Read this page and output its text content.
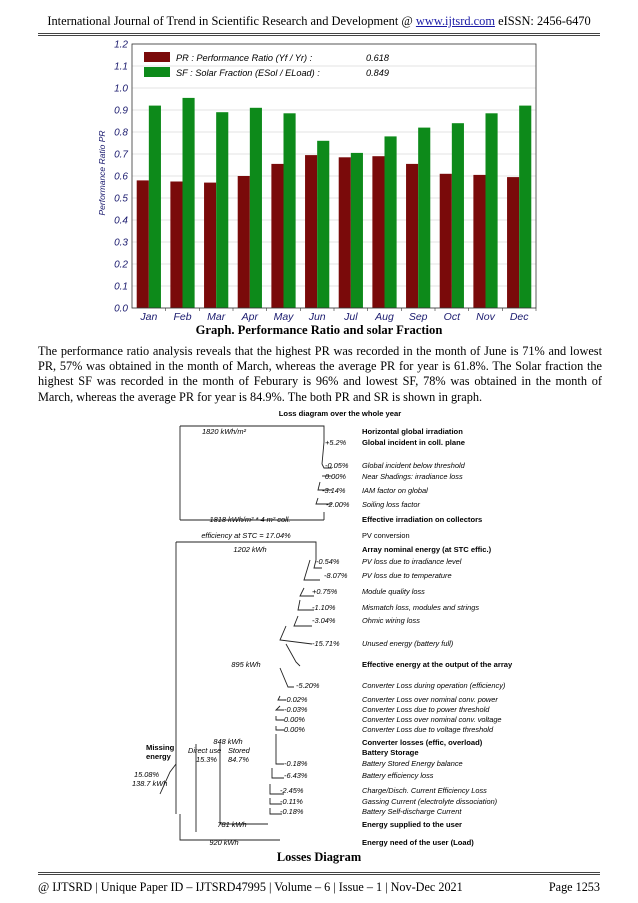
International Journal of Trend in Scientific Research and Development @ www.ijtsrd.com eISSN: 2456-6470
0.0
0.1
0.2
0.3
0.4
0.5
0.6
0.7
0.8
0.9
1.0
1.1
1.2
Jan Feb Mar Apr May Jun Jul Aug Sep Oct Nov Dec
PR : Performance Ratio (Yf / Yr) :	0.618
SF : Solar Fraction (ESol / ELoad) :	0.849
Performance Ratio PR
Graph. Performance Ratio and solar Fraction
The performance ratio analysis reveals that the highest PR was recorded in the month of June is 71% and lowest PR, 57% was obtained in the month of March, whereas the average PR for year is 61.8%. The Solar fraction the highest SF was recorded in the month of Feburary is 96% and lowest SF, 78% was obtained in the month of March, whereas the average PR for year is 84.9%. The both PR and SR is shown in graph.
Loss diagram over the whole year
1820 kWh/m²	Horizontal global irradiation
1818 kWh/m² * 4 m² coll.	Effective irradiation on collectors
efficiency at STC = 17.04%	PV conversion
1202 kWh	Array nominal energy (at STC effic.)
895 kWh	Effective energy at the output of the array
848 kWh	Converter losses (effic, overload)
Battery Storage
781 kWh	Energy supplied to the user
920 kWh	Energy need of the user (Load)
+5.2% Global incident in coll. plane
-0.05% Global incident below threshold
0.00% Near Shadings: irradiance loss
-3.14% IAM factor on global
-2.00% Soiling loss factor
-0.54%	PV loss due to irradiance level
-8.07% PV loss due to temperature
+0.75%	Module quality loss
-1.10%	Mismatch loss, modules and strings
-3.04%	Ohmic wiring loss
-15.71%	Unused energy (battery full)
-5.20%	Converter Loss during operation (efficiency)
-0.02%	Converter Loss over nominal conv. power
-0.03%	Converter Loss due to power threshold
0.00%	Converter Loss over nominal conv. voltage
0.00%	Converter Loss due to voltage threshold
-0.18%	Battery Stored Energy balance
-6.43%	Battery efficiency loss
-2.45%	Charge/Disch. Current Efficiency Loss
-0.11%	Gassing Current (electrolyte dissociation)
-0.18%	Battery Self-discharge Current
Missing
energy
15.08%
138.7 kWh
Direct use
15.3%
Stored
84.7%
Losses Diagram
@ IJTSRD | Unique Paper ID – IJTSRD47995 | Volume – 6 | Issue – 1 | Nov-Dec 2021	Page 1253
